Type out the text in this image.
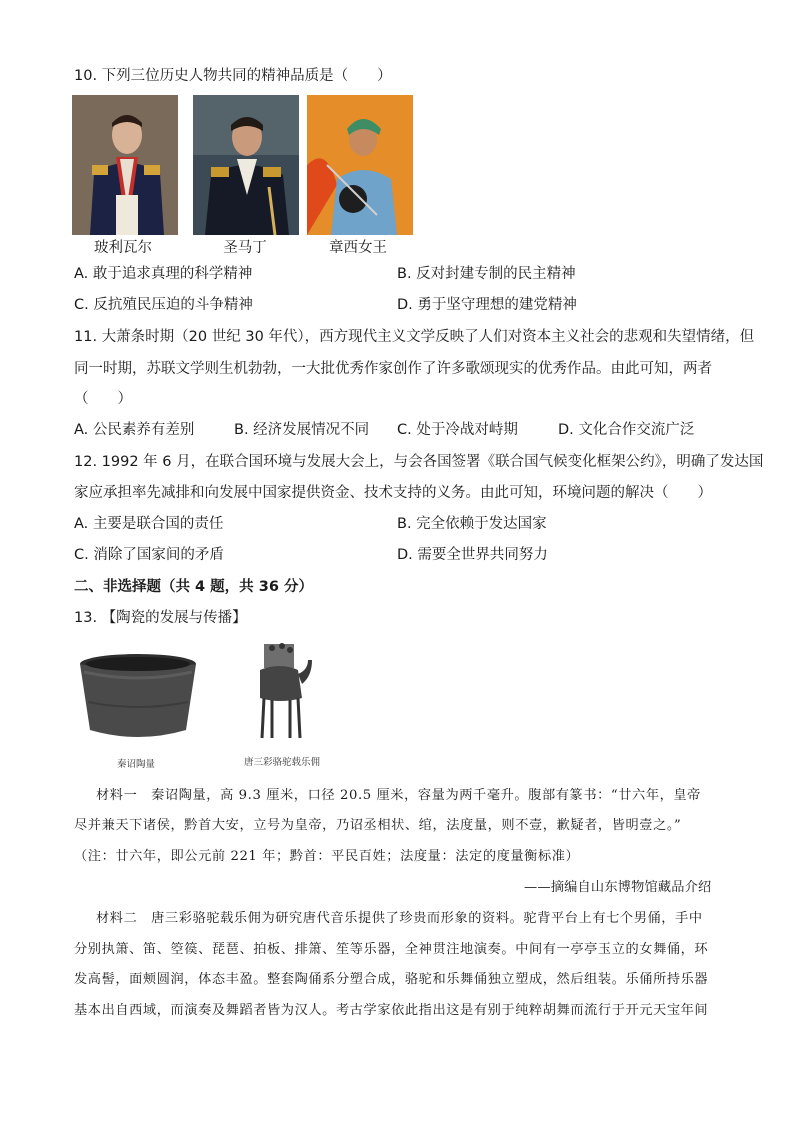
10. 下列三位历史人物共同的精神品质是（　　）
玻利瓦尔	圣马丁	章西女王
A. 敢于追求真理的科学精神	B. 反对封建专制的民主精神
C. 反抗殖民压迫的斗争精神	D. 勇于坚守理想的建党精神
11. 大萧条时期（20 世纪 30 年代），西方现代主义文学反映了人们对资本主义社会的悲观和失望情绪，但
同一时期，苏联文学则生机勃勃，一大批优秀作家创作了许多歌颂现实的优秀作品。由此可知，两者
（　　）
A. 公民素养有差别	B. 经济发展情况不同 C. 处于冷战对峙期	D. 文化合作交流广泛
12. 1992 年 6 月，在联合国环境与发展大会上，与会各国签署《联合国气候变化框架公约》，明确了发达国
家应承担率先减排和向发展中国家提供资金、技术支持的义务。由此可知，环境问题的解决（　　）
A. 主要是联合国的责任	B. 完全依赖于发达国家
C. 消除了国家间的矛盾	D. 需要全世界共同努力
二、非选择题（共 4 题，共 36 分）
13. 【陶瓷的发展与传播】
秦诏陶量	唐三彩骆驼载乐佣
材料一　秦诏陶量，高 9.3 厘米，口径 20.5 厘米，容量为两千毫升。腹部有篆书：“廿六年，皇帝
尽并兼天下诸侯，黔首大安，立号为皇帝，乃诏丞相状、绾，法度量，则不壹，歉疑者，皆明壹之。”
（注：廿六年，即公元前 221 年；黔首：平民百姓；法度量：法定的度量衡标准）
——摘编自山东博物馆藏品介绍
材料二　唐三彩骆驼载乐佣为研究唐代音乐提供了珍贵而形象的资料。驼背平台上有七个男俑，手中
分别执箫、笛、箜篌、琵琶、拍板、排箫、笙等乐器，全神贯注地演奏。中间有一亭亭玉立的女舞俑，环
发高髻，面颊圆润，体态丰盈。整套陶俑系分塑合成，骆驼和乐舞俑独立塑成，然后组装。乐俑所持乐器
基本出自西域，而演奏及舞蹈者皆为汉人。考古学家依此指出这是有别于纯粹胡舞而流行于开元天宝年间
